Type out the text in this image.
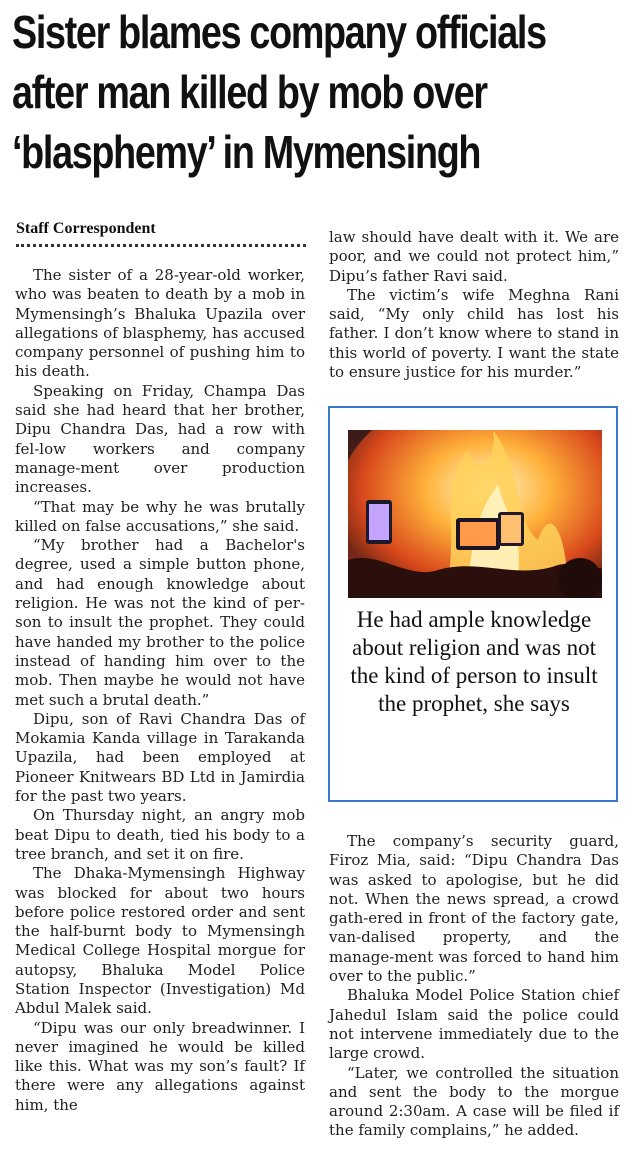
Sister blames company officials
after man killed by mob over
‘blasphemy’ in Mymensingh
Staff Correspondent

The sister of a 28-year-old worker, who was beaten to death by a mob in Mymensingh’s Bhaluka Upazila over allegations of blasphemy, has accused company personnel of pushing him to his death.

Speaking on Friday, Champa Das said she had heard that her brother, Dipu Chandra Das, had a row with fel-low workers and company manage-ment over production increases.

“That may be why he was brutally killed on false accusations,” she said.

“My brother had a Bachelor's degree, used a simple button phone, and had enough knowledge about religion. He was not the kind of per-son to insult the prophet. They could have handed my brother to the police instead of handing him over to the mob. Then maybe he would not have met such a brutal death.”

Dipu, son of Ravi Chandra Das of Mokamia Kanda village in Tarakanda Upazila, had been employed at Pioneer Knitwears BD Ltd in Jamirdia for the past two years.

On Thursday night, an angry mob beat Dipu to death, tied his body to a tree branch, and set it on fire.

The Dhaka-Mymensingh Highway was blocked for about two hours before police restored order and sent the half-burnt body to Mymensingh Medical College Hospital morgue for autopsy, Bhaluka Model Police Station Inspector (Investigation) Md Abdul Malek said.

“Dipu was our only breadwinner. I never imagined he would be killed like this. What was my son’s fault? If there were any allegations against him, the

law should have dealt with it. We are poor, and we could not protect him,” Dipu’s father Ravi said.

The victim’s wife Meghna Rani said, “My only child has lost his father. I don’t know where to stand in this world of poverty. I want the state to ensure justice for his murder.”

He had ample knowledge about religion and was not the kind of person to insult the prophet, she says

The company’s security guard, Firoz Mia, said: “Dipu Chandra Das was asked to apologise, but he did not. When the news spread, a crowd gath-ered in front of the factory gate, van-dalised property, and the manage-ment was forced to hand him over to the public.”

Bhaluka Model Police Station chief Jahedul Islam said the police could not intervene immediately due to the large crowd.

“Later, we controlled the situation and sent the body to the morgue around 2:30am. A case will be filed if the family complains,” he added.
